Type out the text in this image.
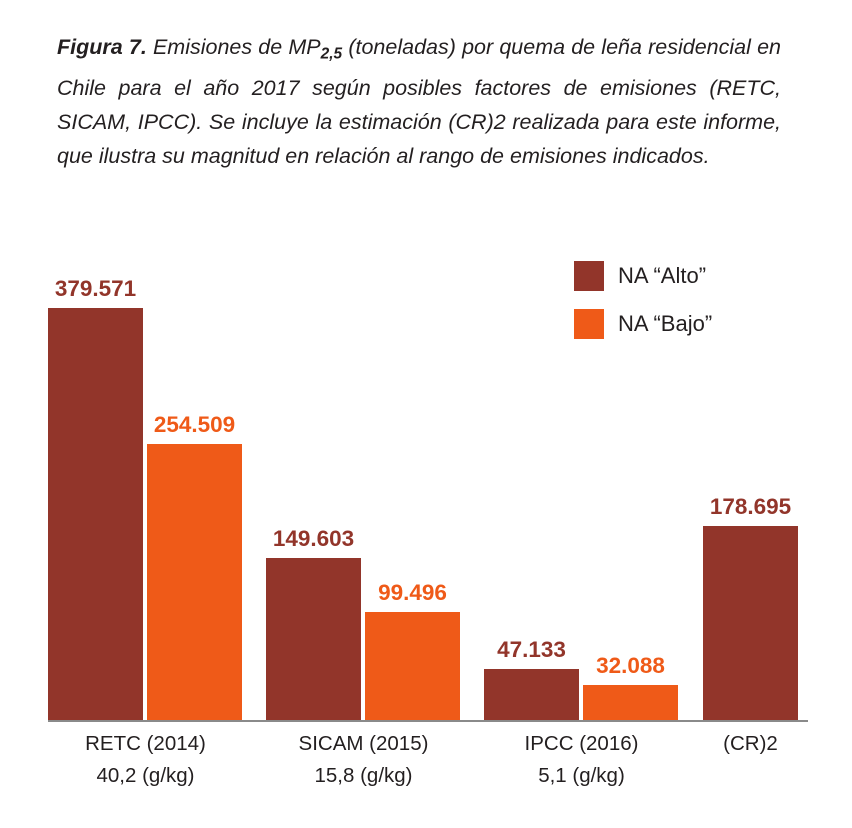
Figura 7. Emisiones de $MP_{2,5}$ (toneladas) por quema de leña residencial en Chile para el año 2017 según posibles factores de emisiones (RETC, SICAM, IPCC). Se incluye la estimación (CR)2 realizada para este informe, que ilustra su magnitud en relación al rango de emisiones indicados.
NA “Alto”
NA “Bajo”
379.571
254.509
149.603
99.496
47.133
32.088
178.695
RETC (2014)
40,2 (g/kg)
SICAM (2015)
15,8 (g/kg)
IPCC (2016)
5,1 (g/kg)
(CR)2
